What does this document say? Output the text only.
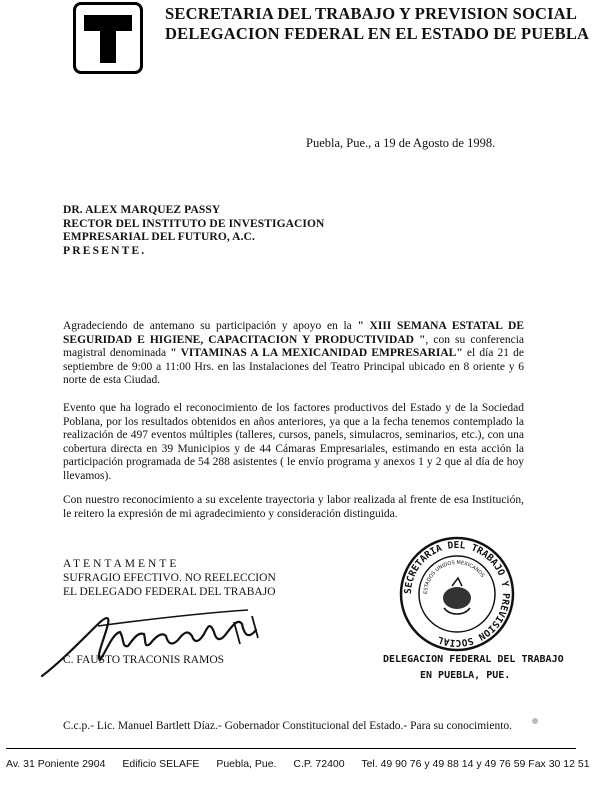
SECRETARIA DEL TRABAJO Y PREVISION SOCIAL
DELEGACION FEDERAL EN EL ESTADO DE PUEBLA
Puebla, Pue., a 19 de Agosto de 1998.
DR. ALEX MARQUEZ PASSY
RECTOR DEL INSTITUTO DE INVESTIGACION
EMPRESARIAL DEL FUTURO, A.C.
PRESENTE.

Agradeciendo de antemano su participación y apoyo en la " XIII SEMANA ESTATAL DE SEGURIDAD E HIGIENE, CAPACITACION Y PRODUCTIVIDAD ", con su conferencia magistral denominada " VITAMINAS A LA MEXICANIDAD EMPRESARIAL" el día 21 de septiembre de 9:00 a 11:00 Hrs. en las Instalaciones del Teatro Principal ubicado en 8 oriente y 6 norte de esta Ciudad.

Evento que ha logrado el reconocimiento de los factores productivos del Estado y de la Sociedad Poblana, por los resultados obtenidos en años anteriores, ya que a la fecha tenemos contemplado la realización de 497 eventos múltiples (talleres, cursos, panels, simulacros, seminarios, etc.), con una cobertura directa en 39 Municipios y de 44 Cámaras Empresariales, estimando en esta acción la participación programada de 54 288 asistentes ( le envío programa y anexos 1 y 2 que al día de hoy llevamos).

Con nuestro reconocimiento a su excelente trayectoria y labor realizada al frente de esa Institución, le reitero la expresión de mi agradecimiento y consideración distinguida.

ATENTAMENTE
SUFRAGIO EFECTIVO. NO REELECCION
EL DELEGADO FEDERAL DEL TRABAJO
C. FAUSTO TRACONIS RAMOS
SECRETARIA DEL TRABAJO Y PREVISION SOCIAL
ESTADOS UNIDOS MEXICANOS
DELEGACION FEDERAL DEL TRABAJO
EN PUEBLA, PUE.
C.c.p.- Lic. Manuel Bartlett Díaz.- Gobernador Constitucional del Estado.- Para su conocimiento.
Av. 31 Poniente 2904 Edificio SELAFE Puebla, Pue. C.P. 72400 Tel. 49 90 76 y 49 88 14 y 49 76 59 Fax 30 12 51
